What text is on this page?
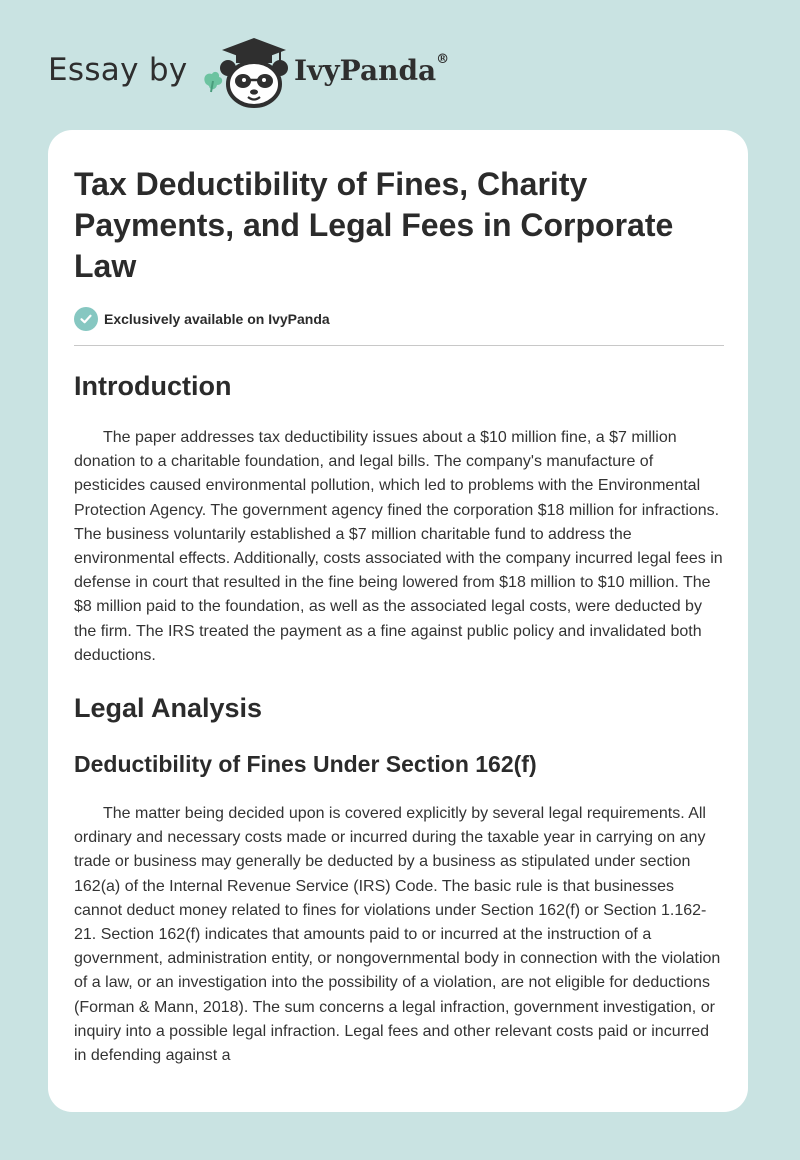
Essay by	IvyPanda®
Tax Deductibility of Fines, Charity Payments, and Legal Fees in Corporate Law
Exclusively available on IvyPanda
Introduction

The paper addresses tax deductibility issues about a $10 million fine, a $7 million donation to a charitable foundation, and legal bills. The company's manufacture of pesticides caused environmental pollution, which led to problems with the Environmental Protection Agency. The government agency fined the corporation $18 million for infractions. The business voluntarily established a $7 million charitable fund to address the environmental effects. Additionally, costs associated with the company incurred legal fees in defense in court that resulted in the fine being lowered from $18 million to $10 million. The $8 million paid to the foundation, as well as the associated legal costs, were deducted by the firm. The IRS treated the payment as a fine against public policy and invalidated both deductions.

Legal Analysis
Deductibility of Fines Under Section 162(f)

The matter being decided upon is covered explicitly by several legal requirements. All ordinary and necessary costs made or incurred during the taxable year in carrying on any trade or business may generally be deducted by a business as stipulated under section 162(a) of the Internal Revenue Service (IRS) Code. The basic rule is that businesses cannot deduct money related to fines for violations under Section 162(f) or Section 1.162-21. Section 162(f) indicates that amounts paid to or incurred at the instruction of a government, administration entity, or nongovernmental body in connection with the violation of a law, or an investigation into the possibility of a violation, are not eligible for deductions (Forman & Mann, 2018). The sum concerns a legal infraction, government investigation, or inquiry into a possible legal infraction. Legal fees and other relevant costs paid or incurred in defending against a
